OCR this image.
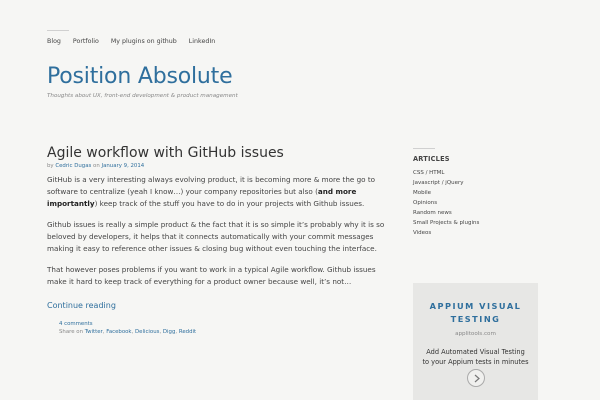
Blog Portfolio My plugins on github LinkedIn
Position Absolute
Thoughts about UX, front-end development & product management
Agile workflow with GitHub issues
by Cedric Dugas on January 9, 2014

GitHub is a very interesting always evolving product, it is becoming more & more the go to software to centralize (yeah I know…) your company repositories but also (and more importantly) keep track of the stuff you have to do in your projects with Github issues.

Github issues is really a simple product & the fact that it is so simple it’s probably why it is so beloved by developers, it helps that it connects automatically with your commit messages making it easy to reference other issues & closing bug without even touching the interface.

That however poses problems if you want to work in a typical Agile workflow. Github issues make it hard to keep track of everything for a product owner because well, it’s not…

Continue reading
4 comments
Share on Twitter, Facebook, Delicious, Digg, Reddit
ARTICLES
CSS / HTML
Javascript / jQuery
Mobile
Opinions
Random news
Small Projects & plugins
Videos
APPIUM VISUAL
TESTING
applitools.com
Add Automated Visual Testing
to your Appium tests in minutes
